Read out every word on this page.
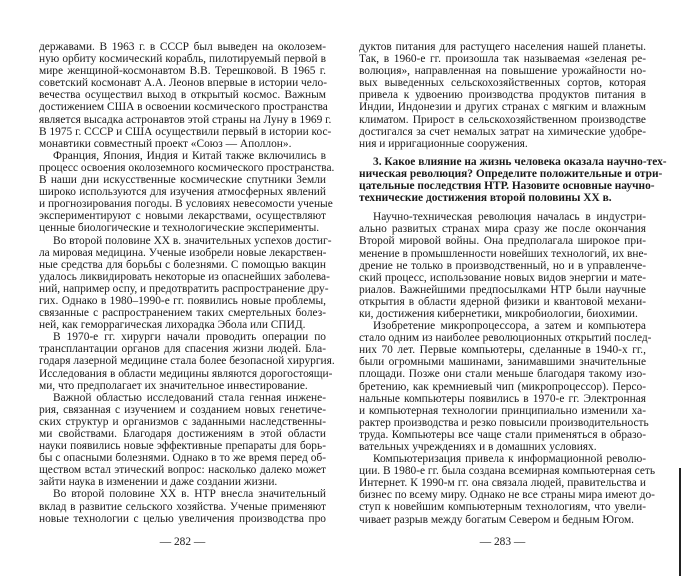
державами. В 1963 г. в СССР был выведен на околозем-
ную орбиту космический корабль, пилотируемый первой в
мире женщиной-космонавтом В.В. Терешковой. В 1965 г.
советский космонавт А.А. Леонов впервые в истории чело-
вечества осуществил выход в открытый космос. Важным
достижением США в освоении космического пространства
является высадка астронавтов этой страны на Луну в 1969 г.
В 1975 г. СССР и США осуществили первый в истории кос-
монавтики совместный проект «Союз — Аполлон».
Франция, Япония, Индия и Китай также включились в
процесс освоения околоземного космического пространства.
В наши дни искусственные космические спутники Земли
широко используются для изучения атмосферных явлений
и прогнозирования погоды. В условиях невесомости ученые
экспериментируют с новыми лекарствами, осуществляют
ценные биологические и технологические эксперименты.
Во второй половине XX в. значительных успехов достиг-
ла мировая медицина. Ученые изобрели новые лекарствен-
ные средства для борьбы с болезнями. С помощью вакцин
удалось ликвидировать некоторые из опаснейших заболева-
ний, например оспу, и предотвратить распространение дру-
гих. Однако в 1980–1990-е гг. появились новые проблемы,
связанные с распространением таких смертельных болез-
ней, как геморрагическая лихорадка Эбола или СПИД.
В 1970-е гг. хирурги начали проводить операции по
трансплантации органов для спасения жизни людей. Бла-
годаря лазерной медицине стала более безопасной хирургия.
Исследования в области медицины являются дорогостоящи-
ми, что предполагает их значительное инвестирование.
Важной областью исследований стала генная инжене-
рия, связанная с изучением и созданием новых генетиче-
ских структур и организмов с заданными наследственны-
ми свойствами. Благодаря достижениям в этой области
науки появились новые эффективные препараты для борь-
бы с опасными болезнями. Однако в то же время перед об-
ществом встал этический вопрос: насколько далеко может
зайти наука в изменении и даже создании жизни.
Во второй половине XX в. НТР внесла значительный
вклад в развитие сельского хозяйства. Ученые применяют
новые технологии с целью увеличения производства про
дуктов питания для растущего населения нашей планеты.
Так, в 1960-е гг. произошла так называемая «зеленая ре-
волюция», направленная на повышение урожайности но-
вых выведенных сельскохозяйственных сортов, которая
привела к удвоению производства продуктов питания в
Индии, Индонезии и других странах с мягким и влажным
климатом. Прирост в сельскохозяйственном производстве
достигался за счет немалых затрат на химические удобре-
ния и ирригационные сооружения.
3. Какое влияние на жизнь человека оказала научно-тех-
ническая революция? Определите положительные и отри-
цательные последствия НТР. Назовите основные научно-
технические достижения второй половины XX в.
Научно-техническая революция началась в индустри-
ально развитых странах мира сразу же после окончания
Второй мировой войны. Она предполагала широкое при-
менение в промышленности новейших технологий, их вне-
дрение не только в производственный, но и в управленче-
ский процесс, использование новых видов энергии и мате-
риалов. Важнейшими предпосылками НТР были научные
открытия в области ядерной физики и квантовой механи-
ки, достижения кибернетики, микробиологии, биохимии.
Изобретение микропроцессора, а затем и компьютера
стало одним из наиболее революционных открытий послед-
них 70 лет. Первые компьютеры, сделанные в 1940-х гг.,
были огромными машинами, занимавшими значительные
площади. Позже они стали меньше благодаря такому изо-
бретению, как кремниевый чип (микропроцессор). Персо-
нальные компьютеры появились в 1970-е гг. Электронная
и компьютерная технологии принципиально изменили ха-
рактер производства и резко повысили производительность
труда. Компьютеры все чаще стали применяться в образо-
вательных учреждениях и в домашних условиях.
Компьютеризация привела к информационной револю-
ции. В 1980-е гг. была создана всемирная компьютерная сеть
Интернет. К 1990-м гг. она связала людей, правительства и
бизнес по всему миру. Однако не все страны мира имеют до-
ступ к новейшим компьютерным технологиям, что увели-
чивает разрыв между богатым Севером и бедным Югом.
— 282 —	— 283 —
